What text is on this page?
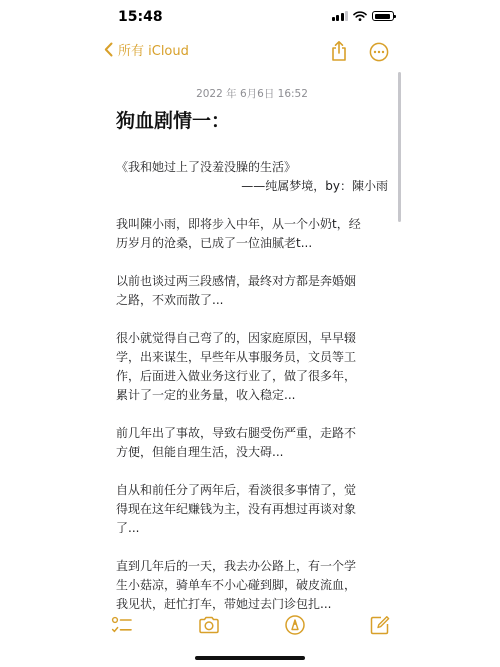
15:48
所有 iCloud
2022 年 6月6日 16:52
狗血剧情一：

《我和她过上了没羞没臊的生活》

——纯属梦境，by：陳小雨

我叫陳小雨，即将步入中年，从一个小奶t，经
历岁月的沧桑，已成了一位油腻老t...
以前也谈过两三段感情，最终对方都是奔婚姻
之路，不欢而散了...
很小就觉得自己弯了的，因家庭原因，早早辍
学，出来谋生，早些年从事服务员，文员等工
作，后面进入做业务这行业了，做了很多年，
累计了一定的业务量，收入稳定...
前几年出了事故，导致右腿受伤严重，走路不
方便，但能自理生活，没大碍...
自从和前任分了两年后，看淡很多事情了，觉
得现在这年纪赚钱为主，没有再想过再谈对象
了...
直到几年后的一天，我去办公路上，有一个学
生小菇凉，骑单车不小心碰到脚，破皮流血，
我见状，赶忙打车，带她过去门诊包扎...
